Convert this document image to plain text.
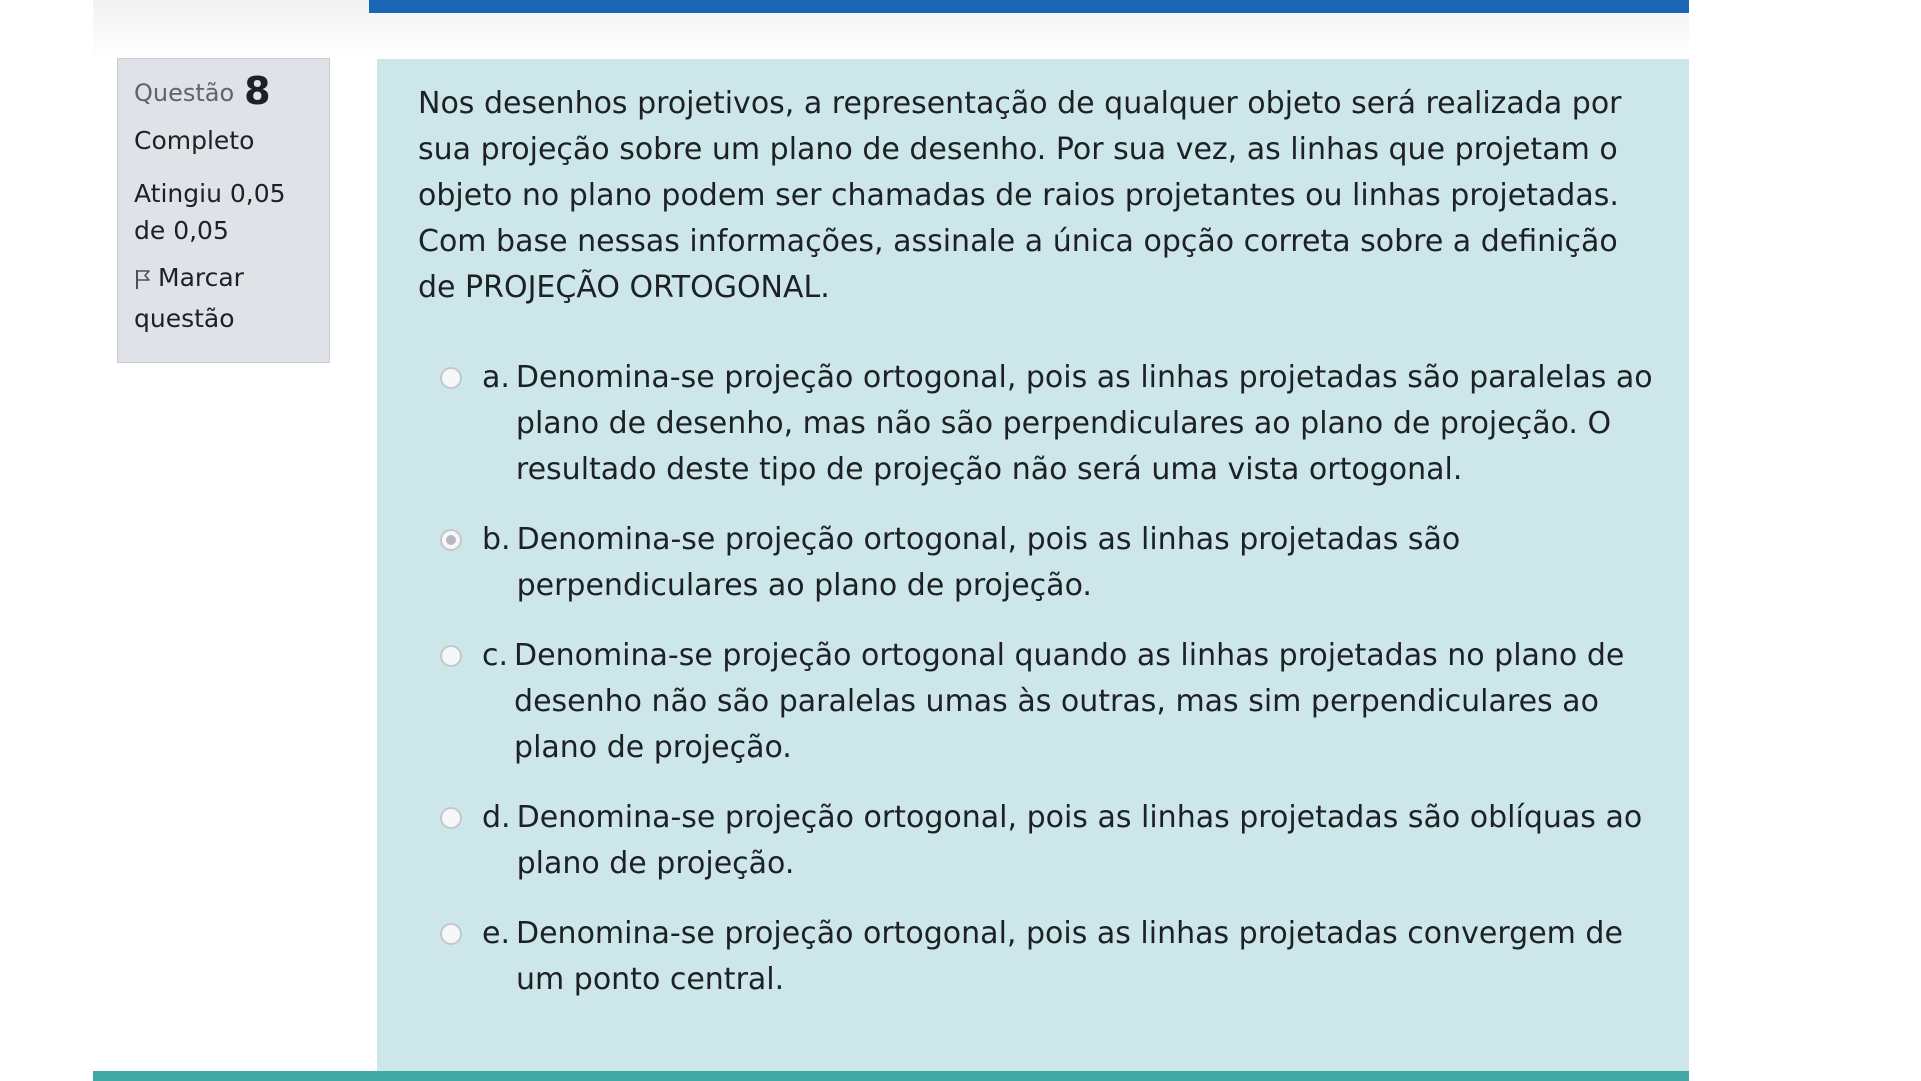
Questão 8
Completo
Atingiu 0,05 de 0,05
Marcar questão

Nos desenhos projetivos, a representação de qualquer objeto será realizada por sua projeção sobre um plano de desenho. Por sua vez, as linhas que projetam o objeto no plano podem ser chamadas de raios projetantes ou linhas projetadas. Com base nessas informações, assinale a única opção correta sobre a definição de PROJEÇÃO ORTOGONAL.

a. Denomina-se projeção ortogonal, pois as linhas projetadas são paralelas ao plano de desenho, mas não são perpendiculares ao plano de projeção. O resultado deste tipo de projeção não será uma vista ortogonal.
b. Denomina-se projeção ortogonal, pois as linhas projetadas são perpendiculares ao plano de projeção.
c. Denomina-se projeção ortogonal quando as linhas projetadas no plano de desenho não são paralelas umas às outras, mas sim perpendiculares ao plano de projeção.
d. Denomina-se projeção ortogonal, pois as linhas projetadas são oblíquas ao plano de projeção.
e. Denomina-se projeção ortogonal, pois as linhas projetadas convergem de um ponto central.
